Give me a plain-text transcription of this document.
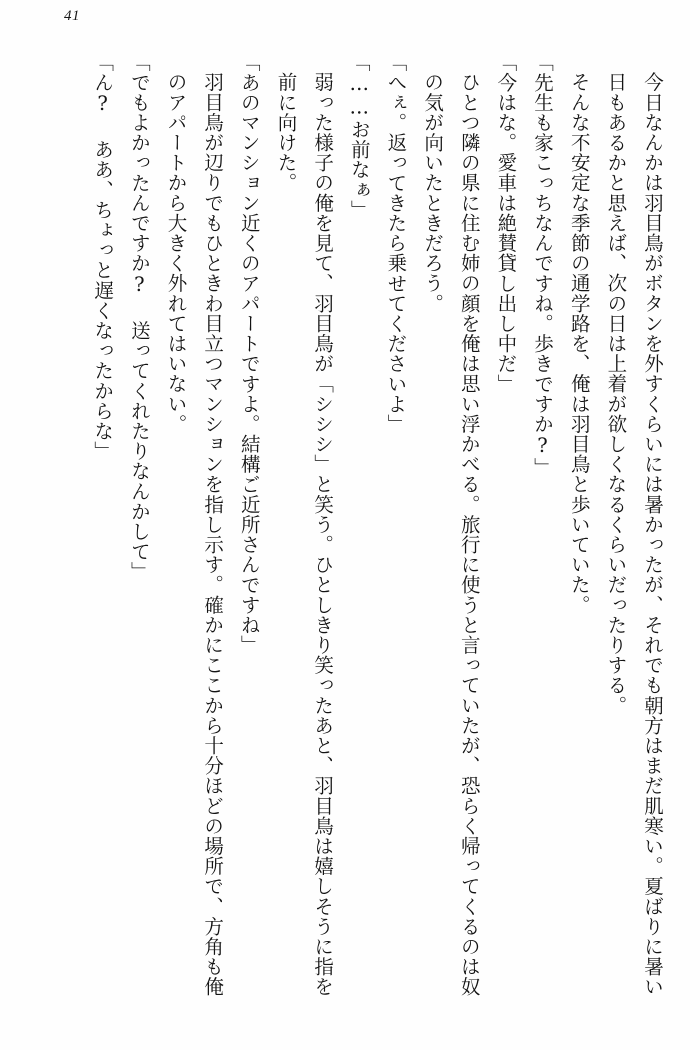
41

今日なんかは羽目鳥がボタンを外すくらいには暑かったが、それでも朝方はまだ肌寒い。夏ばりに暑い日もあるかと思えば、次の日は上着が欲しくなるくらいだったりする。

そんな不安定な季節の通学路を、俺は羽目鳥と歩いていた。

「先生も家こっちなんですね。歩きですか?」

「今はな。愛車は絶賛貸し出し中だ」

ひとつ隣の県に住む姉の顔を俺は思い浮かべる。旅行に使うと言っていたが、恐らく帰ってくるのは奴の気が向いたときだろう。

「へぇ。返ってきたら乗せてくださいよ」

「……お前なぁ」

弱った様子の俺を見て、羽目鳥が「シシシ」と笑う。ひとしきり笑ったあと、羽目鳥は嬉しそうに指を前に向けた。

「あのマンション近くのアパートですよ。結構ご近所さんですね」

羽目鳥が辺りでもひときわ目立つマンションを指し示す。確かにここから十分ほどの場所で、方角も俺のアパートから大きく外れてはいない。

「でもよかったんですか? 送ってくれたりなんかして」

「ん? ああ、ちょっと遅くなったからな」
